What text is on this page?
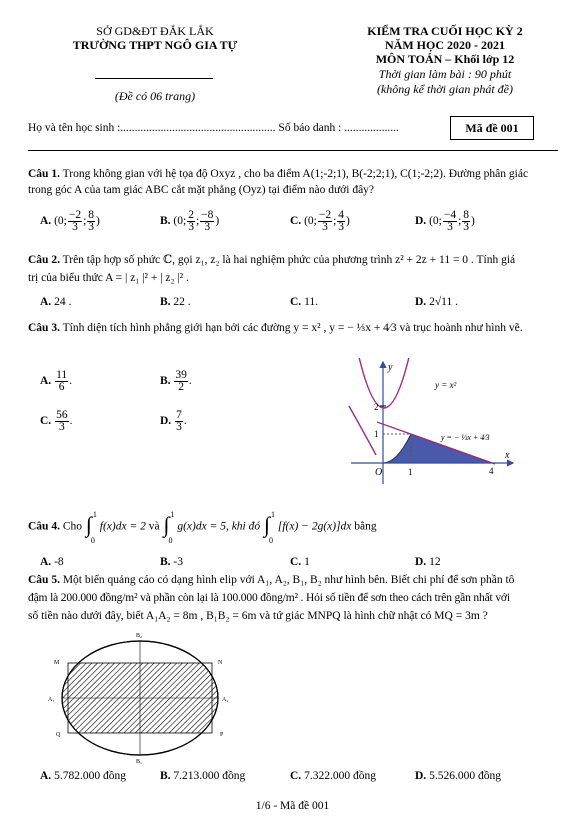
SỞ GD&ĐT ĐẮK LẮK
TRƯỜNG THPT NGÔ GIA TỰ
(Đề có 06 trang)
KIỂM TRA CUỐI HỌC KỲ 2
NĂM HỌC 2020 - 2021
MÔN TOÁN – Khối lớp 12
Thời gian làm bài : 90 phút
(không kể thời gian phát đề)
Họ và tên học sinh :...................................................... Số báo danh : ...................	Mã đề 001
Câu 1. Trong không gian với hệ tọa độ Oxyz , cho ba điểm A(1;-2;1), B(-2;2;1), C(1;-2;2). Đường phân giác
trong góc A của tam giác ABC cắt mặt phẳng (Oyz) tại điểm nào dưới đây?
A. (0; $\frac{-2}{3}$ ; $\frac{8}{3}$ )	B. (0; $\frac{2}{3}$ ; $\frac{-8}{3}$ )	C. (0; $\frac{-2}{3}$ ; $\frac{4}{3}$ )	D. (0; $\frac{-4}{3}$ ; $\frac{8}{3}$ )
Câu 2. Trên tập hợp số phức ℂ, gọi z₁, z₂ là hai nghiệm phức của phương trình z² + 2z + 11 = 0 . Tính giá
trị của biểu thức A = | z₁ |² + | z₂ |² .
A. 24 .	B. 22 .	C. 11.	D. 2√11 .
Câu 3. Tính diện tích hình phẳng giới hạn bởi các đường y = x² , y = − ⅓x + 4⁄3 và trục hoành như hình vẽ.
A. $\frac{11}{6}$ .	B. $\frac{39}{2}$ .
C. $\frac{56}{3}$ .	D. $\frac{7}{3}$ .
y
x
O
2
1
1	4
y = x²
y = − ⅓x + 4⁄3
Câu 4. Cho ∫ 1
0
f(x)dx = 2 và ∫ 1
0
g(x)dx = 5, khi đó ∫ 1
0
[f(x) − 2g(x)]dx bằng
A. -8	B. -3	C. 1	D. 12
Câu 5. Một biển quảng cáo có dạng hình elip với A₁, A₂, B₁, B₂ như hình bên. Biết chi phí để sơn phần tô
đậm là 200.000 đồng/m² và phần còn lại là 100.000 đồng/m² . Hỏi số tiền để sơn theo cách trên gần nhất với
số tiền nào dưới đây, biết A₁A₂ = 8m , B₁B₂ = 6m và tứ giác MNPQ là hình chữ nhật có MQ = 3m ?
B₂
B₁
A₁	A₂
M	N
P
Q
A. 5.782.000 đồng	B. 7.213.000 đồng	C. 7.322.000 đồng	D. 5.526.000 đồng
1/6 - Mã đề 001
